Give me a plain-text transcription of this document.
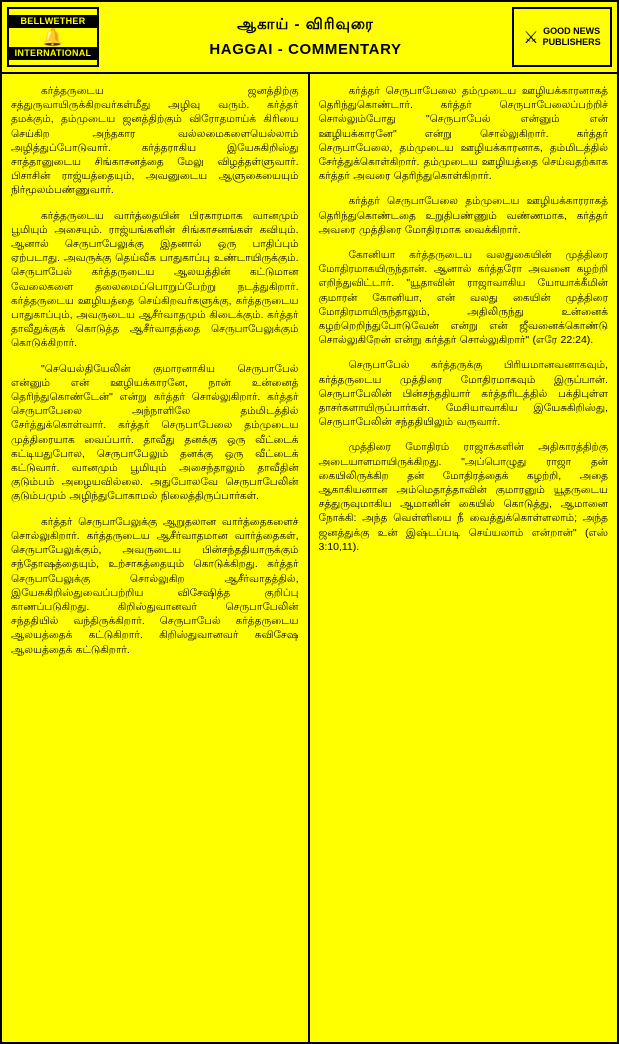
BELLWETHER
🔔
INTERNATIONAL
ஆகாய் - விரிவுரை
HAGGAI - COMMENTARY
⚔ GOOD NEWS
PUBLISHERS

கர்த்தருடைய ஜனத்திற்கு சத்துருவாயிருக்கிறவர்கள்மீது அழிவு வரும். கர்த்தர் தமக்கும், தம்முடைய ஜனத்திற்கும் விரோதமாய்க் கிரியை செய்கிற அந்தகார வல்லமைகளையெல்லாம் அழித்துப்போடுவார். கர்த்தராகிய இயேசுகிறிஸ்து சாத்தானுடைய சிங்காசனத்தை மேலு விழத்தள்ளுவார். பிசாசின் ராஜ்யத்தையும், அவனுடைய ஆளுகையையும் நிர்மூலம்பண்ணுவார்.

கர்த்தருடைய வார்த்தையின் பிரகாரமாக வானமும் பூமியும் அசையும். ராஜ்யங்களின் சிங்காசனங்கள் கவியும். ஆனால் செருபாபேலுக்கு இதனால் ஒரு பாதிப்பும் ஏற்படாது. அவருக்கு தெய்வீக பாதுகாப்பு உண்டாயிருக்கும். செருபாபேல் கர்த்தருடைய ஆலயத்தின் கட்டுமான வேலைகளை தலைமைப்பொறுப்பேற்று நடத்துகிறார். கர்த்தருடைய ஊழியத்தை செய்கிறவர்களுக்கு, கர்த்தருடைய பாதுகாப்பும், அவருடைய ஆசீர்வாதமும் கிடைக்கும். கர்த்தர் தாவீதுக்குக் கொடுத்த ஆசீர்வாதத்தை செருபாபேலுக்கும் கொடுக்கிறார்.

"செயெல்தியேலின் குமாரனாகிய செருபாபேல் என்னும் என் ஊழியக்காரனே, நான் உன்னைத் தெரிந்துகொண்டேன்" என்று கர்த்தர் சொல்லுகிறார். கர்த்தர் செருபாபேலை அந்நாளிலே தம்மிடத்தில் சேர்த்துக்கொள்வார். கர்த்தர் செருபாபேலை தம்முடைய முத்திரையாக வைப்பார். தாவீது தனக்கு ஒரு வீட்டைக் கட்டியதுபோல, செருபாபேலும் தனக்கு ஒரு வீட்டைக் கட்டுவார். வானமும் பூமியும் அசைந்தாலும் தாவீதின் குடும்பம் அழையவில்லை. அதுபோலவே செருபாபேலின் குடும்பமும் அழிந்துபோகாமல் நிலைத்திருப்பார்கள்.

கர்த்தர் செருபாபேலுக்கு ஆறுதலான வார்த்தைகளைச் சொல்லுகிறார். கர்த்தருடைய ஆசீர்வாதமான வார்த்தைகள், செருபாபேலுக்கும், அவருடைய பின்சந்ததியாருக்கும் சந்தோஷத்தையும், உற்சாகத்தையும் கொடுக்கிறது. கர்த்தர் செருபாபேலுக்கு சொல்லுகிற ஆசீர்வாதத்தில், இயேசுகிறிஸ்துவைப்பற்றிய விசேஷித்த குறிப்பு காணப்படுகிறது. கிறிஸ்துவானவர் செருபாபேலின் சந்ததியில் வந்திருக்கிறார். செருபாபேல் கர்த்தருடைய ஆலயத்தைக் கட்டுகிறார். கிறிஸ்துவானவர் சுவிசேஷ ஆலயத்தைக் கட்டுகிறார்.

கர்த்தர் செருபாபேலை தம்முடைய ஊழியக்காரனாகத் தெரிந்துகொண்டார். கர்த்தர் செருபாபேலைப்பற்றிச் சொல்லும்போது "செருபாபேல் என்னும் என் ஊழியக்காரனே" என்று சொல்லுகிறார். கர்த்தர் செருபாபேலை, தம்முடைய ஊழியக்காரனாக, தம்மிடத்தில் சேர்த்துக்கொள்கிறார். தம்முடைய ஊழியத்தை செய்வதற்காக கர்த்தர் அவரை தெரிந்துகொள்கிறார்.

கர்த்தர் செருபாபேலை தம்முடைய ஊழியக்காரராகத் தெரிந்துகொண்டதை உறுதிபண்ணும் வண்ணமாக, கர்த்தர் அவரை முத்திரை மோதிரமாக வைக்கிறார்.

கோனியா கர்த்தருடைய வலதுகையின் முத்திரை மோதிரமாகயிருந்தான். ஆனால் கர்த்தரோ அவனை கழற்றி எறிந்துவிட்டார். "யூதாவின் ராஜாவாகிய யோயாக்கீமின் குமாரன் கோனியா, என் வலது கையின் முத்திரை மோதிரமாயிருந்தாலும், அதிலிருந்து உன்னைக் கழற்றெறிந்துபோடுவேன் என்று என் ஜீவனைக்கொண்டு சொல்லுகிறேன் என்று கர்த்தர் சொல்லுகிறார்" (எரே 22:24).

செருபாபேல் கர்த்தருக்கு பிரியமானவனாகவும், கர்த்தருடைய முத்திரை மோதிரமாகவும் இருப்பான். செருபாபேலின் பின்சந்ததியார் கர்த்தரிடத்தில் பக்திபுள்ள தாசர்களாயிருப்பார்கள். மேசியாவாகிய இயேசுகிறிஸ்து, செருபாபேலின் சந்ததியிலும் வருவார்.

முத்திரை மோதிரம் ராஜாக்களின் அதிகாரத்திற்கு அடையாளமாயிருக்கிறது. "அப்பொழுது ராஜா தன் கையிலிருக்கிற தன் மோதிரத்தைக் கழற்றி, அதை ஆகாகியனான அம்மெதாத்தாவின் குமாரனும் யூதருடைய சத்துருவுமாகிய ஆமானின் கையில் கொடுத்து, ஆமானை நோக்கி: அந்த வெள்ளியை நீ வைத்துக்கொள்ளலாம்; அந்த ஜனத்துக்கு உன் இஷ்டப்படி செய்யலாம் என்றான்" (எஸ் 3:10,11).
